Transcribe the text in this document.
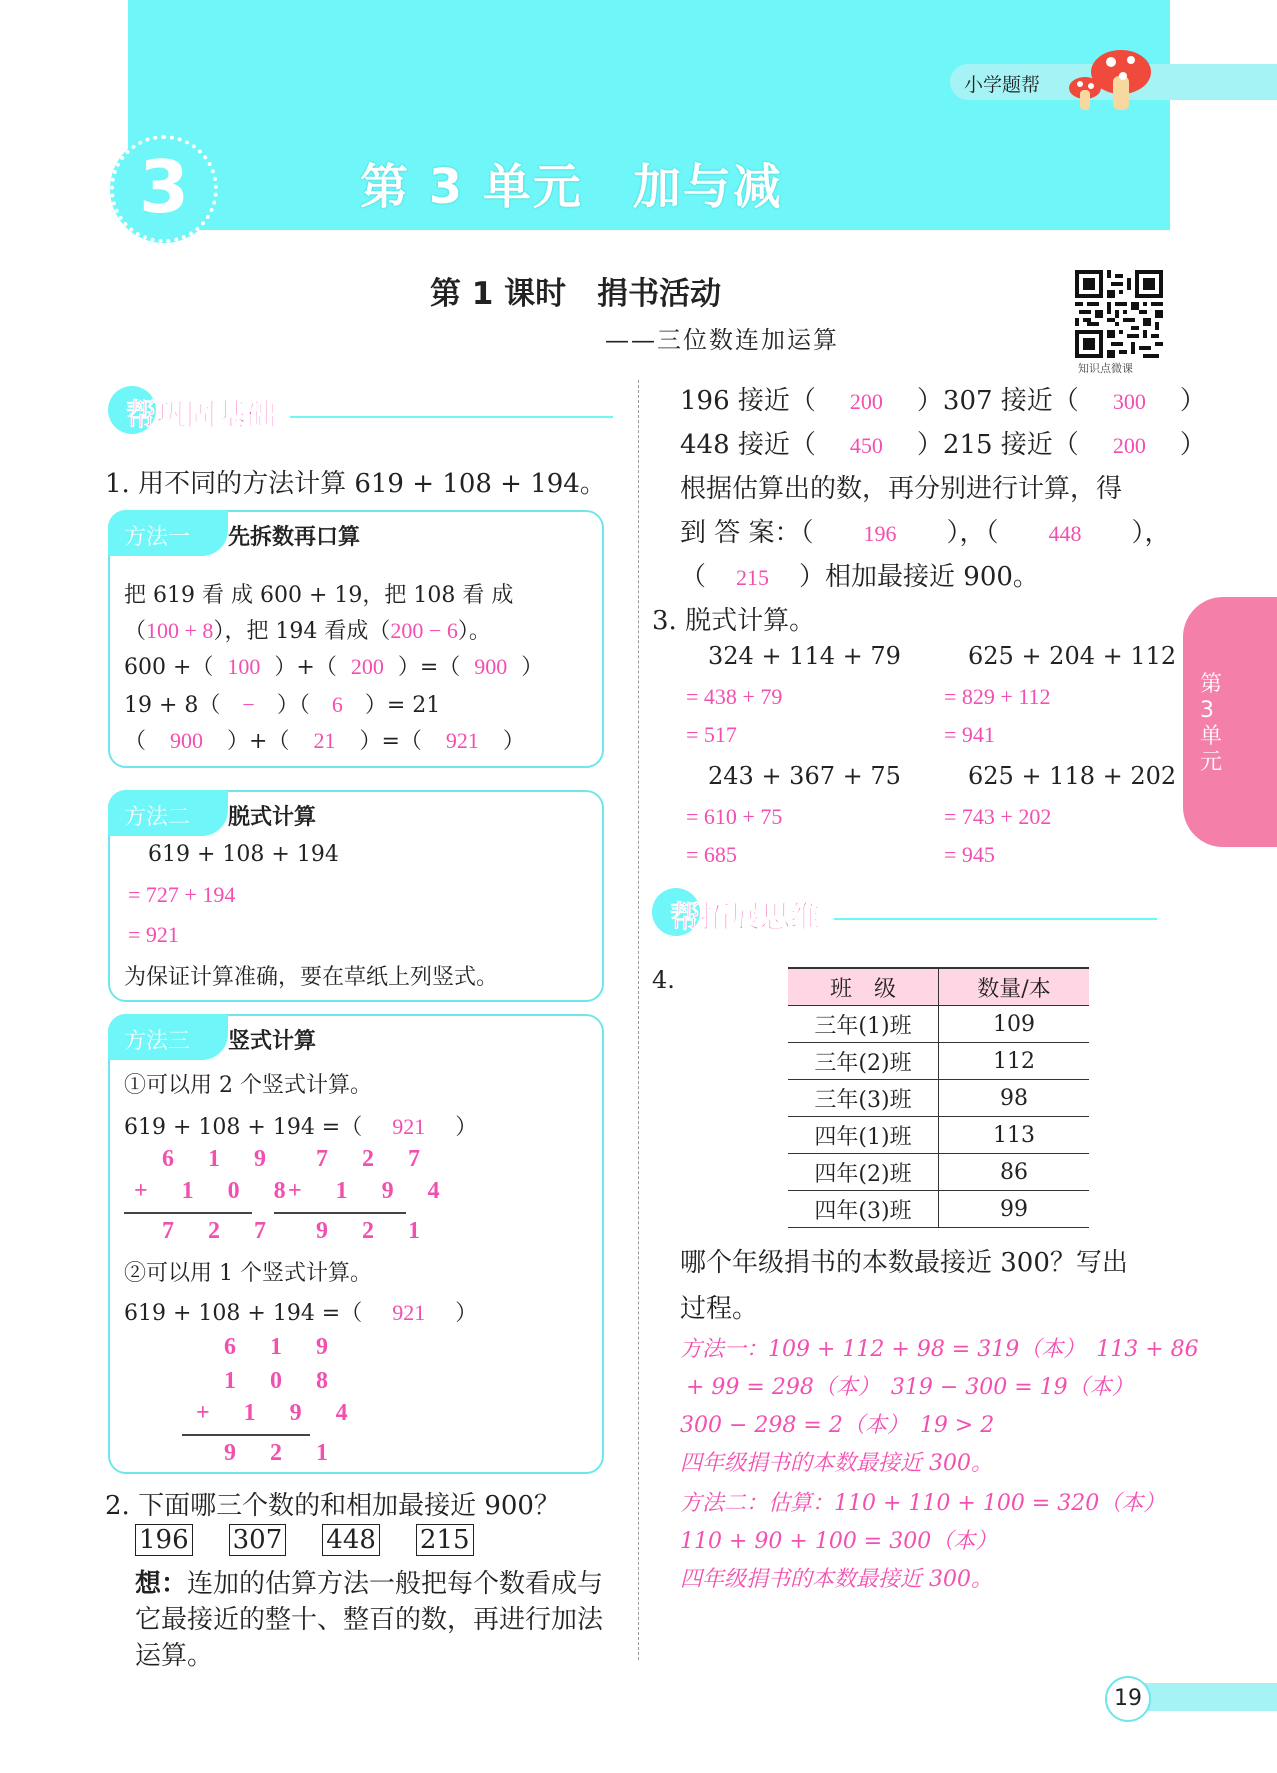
小学题帮
3	第 3 单元　加与减
第 1 课时　捐书活动
——三位数连加运算
知识点微课
帮巩固基础
1. 用不同的方法计算 619 + 108 + 194。
方法一 先拆数再口算
把 619 看 成 600 + 19，把 108 看 成
（100 + 8），把 194 看成（200 − 6）。
600 +（ 100 ）+（ 200 ）=（ 900 ）
19 + 8（ − ）（ 6 ）= 21
（ 900 ）+（ 21 ）=（ 921 ）
方法二 脱式计算
619 + 108 + 194
= 727 + 194
= 921
为保证计算准确，要在草纸上列竖式。
方法三 竖式计算
①可以用 2 个竖式计算。
619 + 108 + 194 =（ 921 ）
6 1 9
+ 1 0 8
7 2 7
7 2 7
+ 1 9 4
9 2 1
②可以用 1 个竖式计算。
619 + 108 + 194 =（ 921 ）
6 1 9
1 0 8
+ 1 9 4
9 2 1
2. 下面哪三个数的和相加最接近 900？
196 307 448 215
想：连加的估算方法一般把每个数看成与它最接近的整十、整百的数，再进行加法运算。
196 接近（ 200 ）307 接近（ 300 ）
448 接近（ 450 ）215 接近（ 200 ）
根据估算出的数，再分别进行计算，得
到 答 案：（ 196 ），（ 448 ），
（ 215 ）相加最接近 900。
3. 脱式计算。
324 + 114 + 79
= 438 + 79
= 517
625 + 204 + 112
= 829 + 112
= 941
243 + 367 + 75
= 610 + 75
= 685
625 + 118 + 202
= 743 + 202
= 945
帮拓展思维
4.	班　级	数量/本
三年(1)班	109
三年(2)班	112
三年(3)班	98
四年(1)班	113
四年(2)班	86
四年(3)班	99
哪个年级捐书的本数最接近 300？写出
过程。
方法一：109 + 112 + 98 = 319（本）　113 + 86
+ 99 = 298（本）　319 − 300 = 19（本）
300 − 298 = 2（本）　19 > 2
四年级捐书的本数最接近 300。
方法二：估算：110 + 110 + 100 = 320（本）
110 + 90 + 100 = 300（本）
四年级捐书的本数最接近 300。
第3单元
19
